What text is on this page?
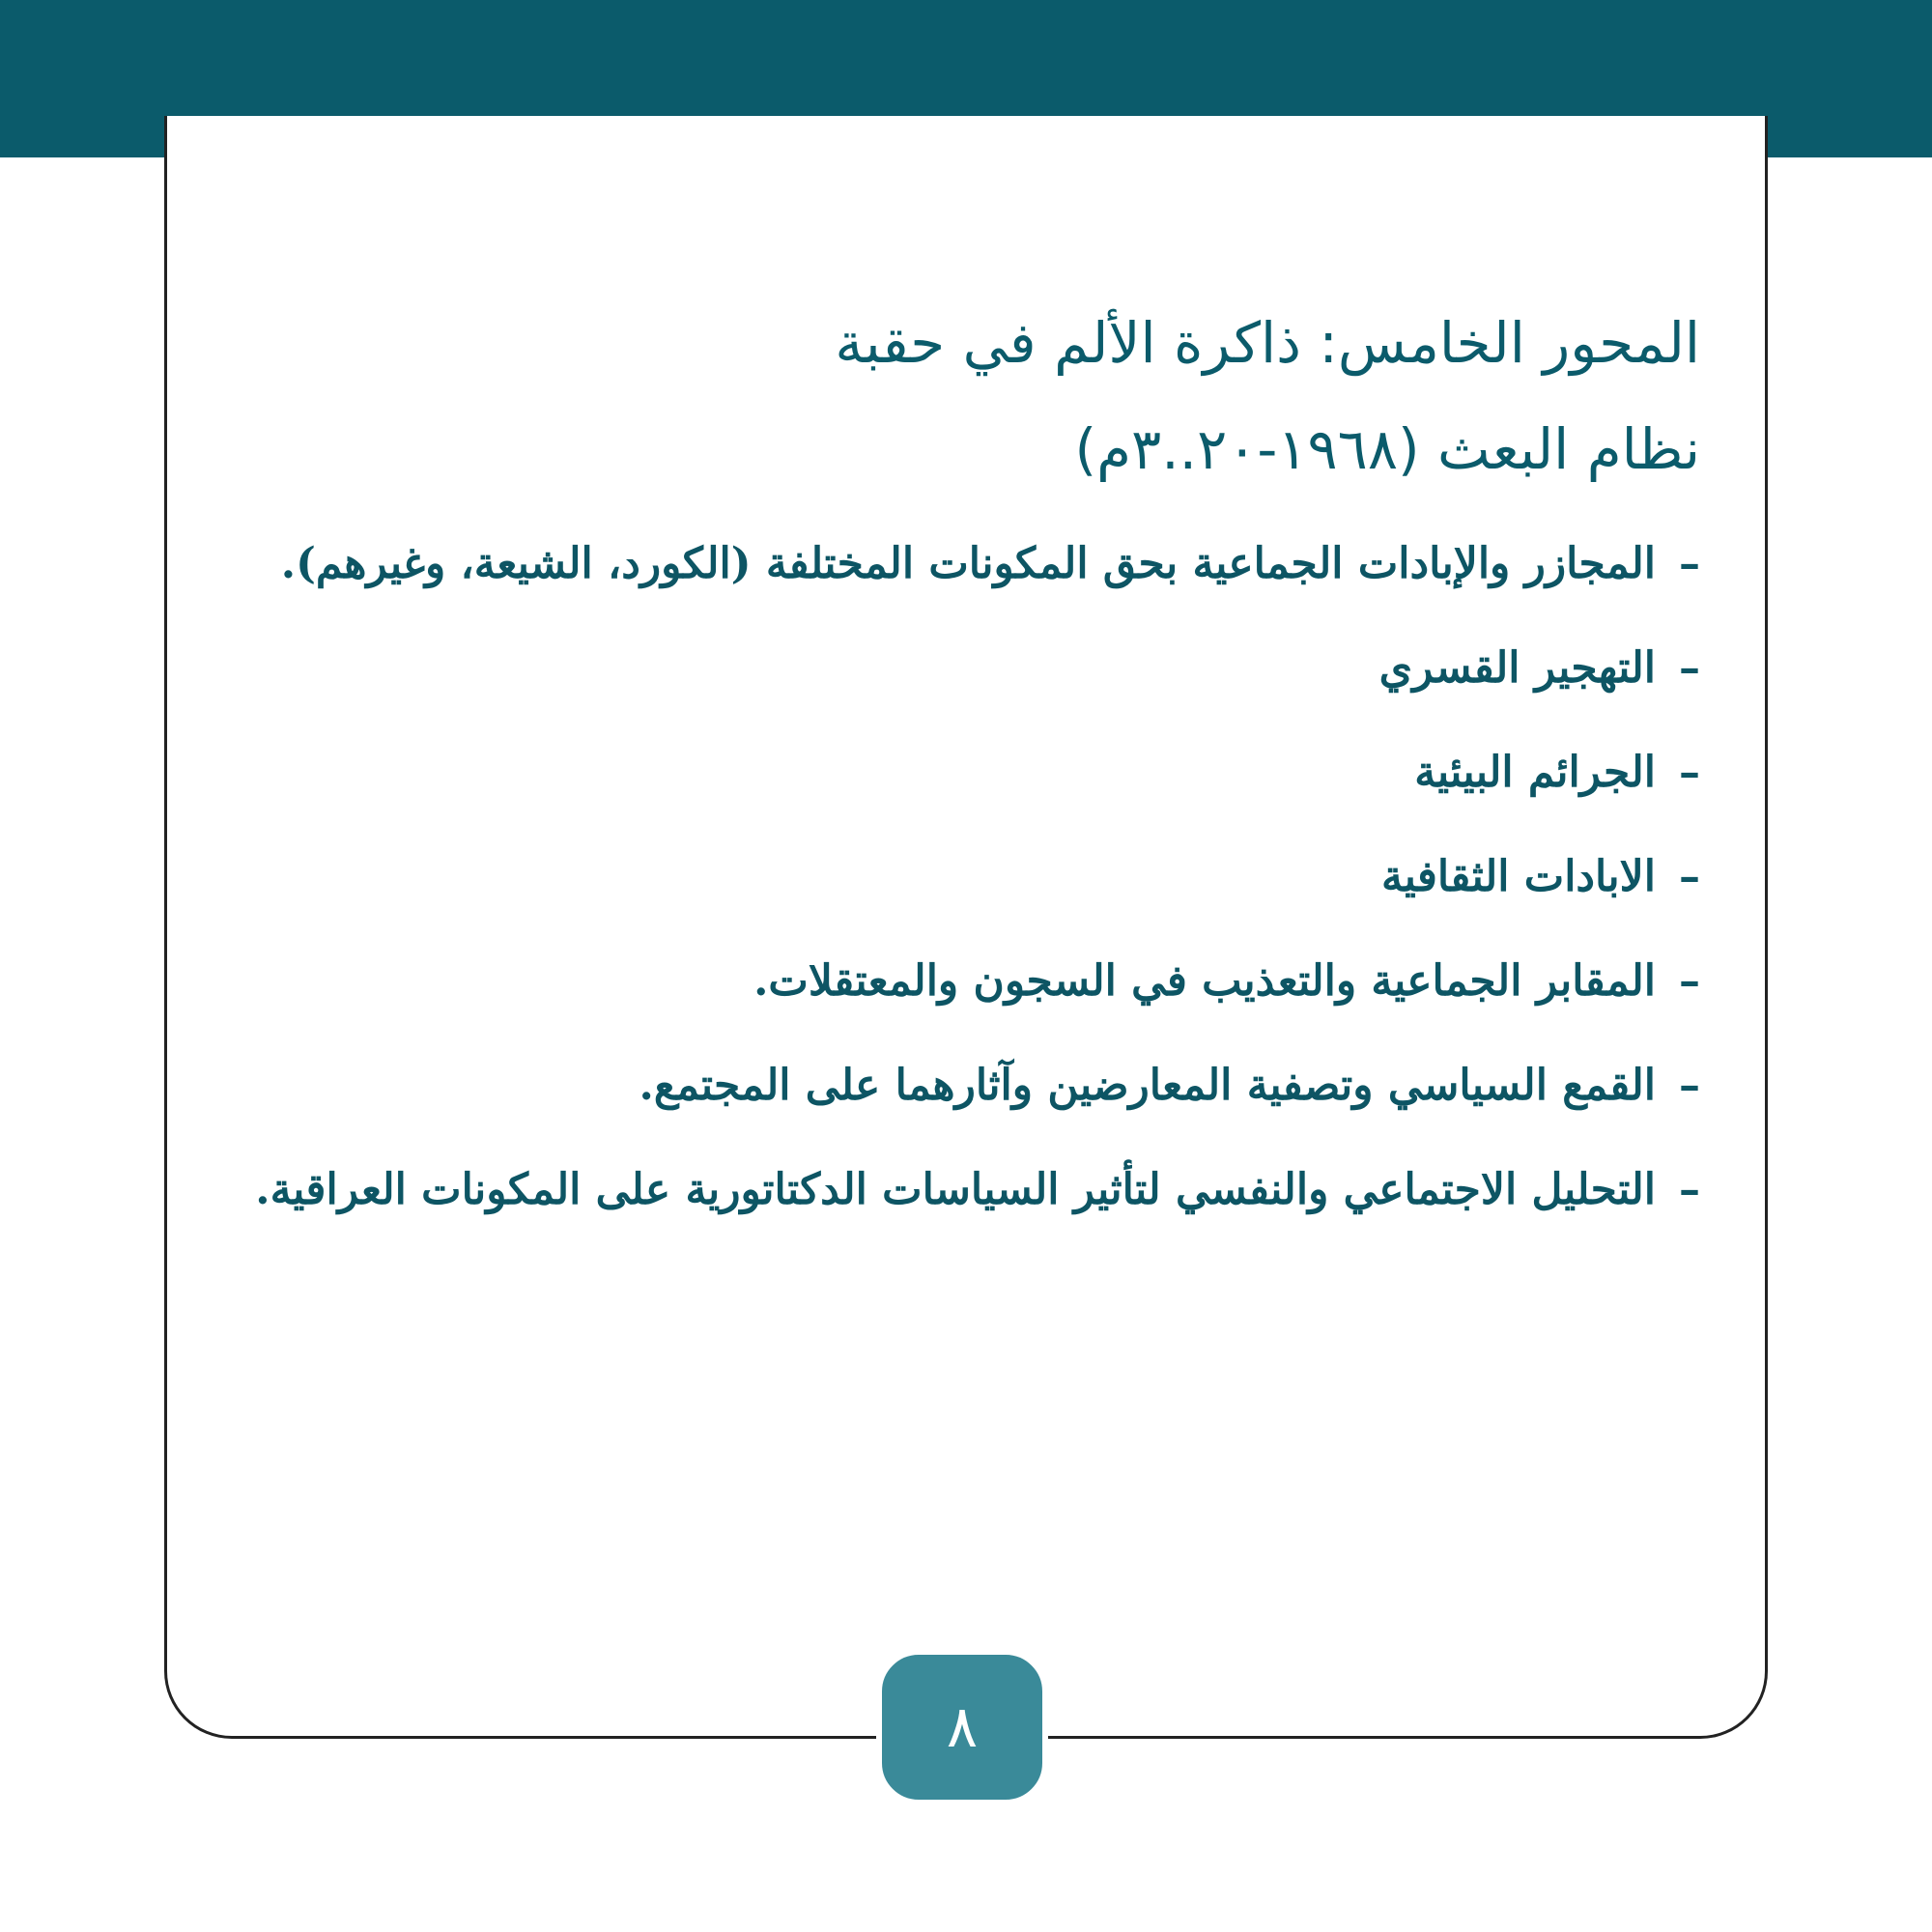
المحور الخامس: ذاكرة الألم في حقبة
نظام البعث (١٩٦٨-٢٠..٣م)
–المجازر والإبادات الجماعية بحق المكونات المختلفة (الكورد، الشيعة، وغيرهم).
–التهجير القسري
–الجرائم البيئية
–الابادات الثقافية
–المقابر الجماعية والتعذيب في السجون والمعتقلات.
–القمع السياسي وتصفية المعارضين وآثارهما على المجتمع.
–التحليل الاجتماعي والنفسي لتأثير السياسات الدكتاتورية على المكونات العراقية.
٨
